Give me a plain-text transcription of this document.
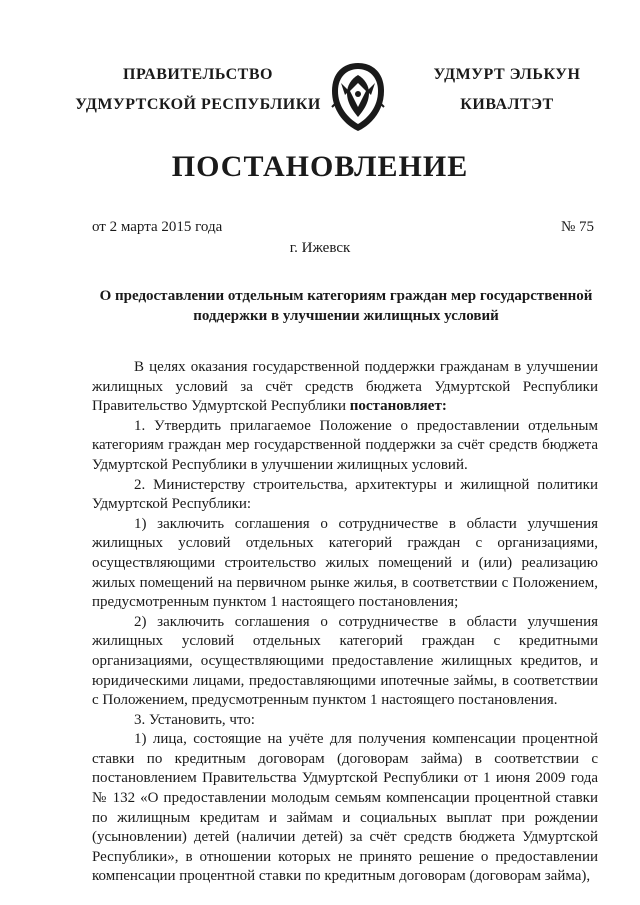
ПРАВИТЕЛЬСТВО
УДМУРТСКОЙ РЕСПУБЛИКИ
УДМУРТ ЭЛЬКУН
КИВАЛТЭТ
ПОСТАНОВЛЕНИЕ
от 2 марта 2015 года	№ 75
г. Ижевск
О предоставлении отдельным категориям граждан мер государственной
поддержки в улучшении жилищных условий

В целях оказания государственной поддержки гражданам в улучшении жилищных условий за счёт средств бюджета Удмуртской Республики Правительство Удмуртской Республики постановляет:

1. Утвердить прилагаемое Положение о предоставлении отдельным категориям граждан мер государственной поддержки за счёт средств бюджета Удмуртской Республики в улучшении жилищных условий.

2. Министерству строительства, архитектуры и жилищной политики Удмуртской Республики:

1) заключить соглашения о сотрудничестве в области улучшения жилищных условий отдельных категорий граждан с организациями, осуществляющими строительство жилых помещений и (или) реализацию жилых помещений на первичном рынке жилья, в соответствии с Положением, предусмотренным пунктом 1 настоящего постановления;

2) заключить соглашения о сотрудничестве в области улучшения жилищных условий отдельных категорий граждан с кредитными организациями, осуществляющими предоставление жилищных кредитов, и юридическими лицами, предоставляющими ипотечные займы, в соответствии с Положением, предусмотренным пунктом 1 настоящего постановления.

3. Установить, что:

1) лица, состоящие на учёте для получения компенсации процентной ставки по кредитным договорам (договорам займа) в соответствии с постановлением Правительства Удмуртской Республики от 1 июня 2009 года № 132 «О предоставлении молодым семьям компенсации процентной ставки по жилищным кредитам и займам и социальных выплат при рождении (усыновлении) детей (наличии детей) за счёт средств бюджета Удмуртской Республики», в отношении которых не принято решение о предоставлении компенсации процентной ставки по кредитным договорам (договорам займа),
